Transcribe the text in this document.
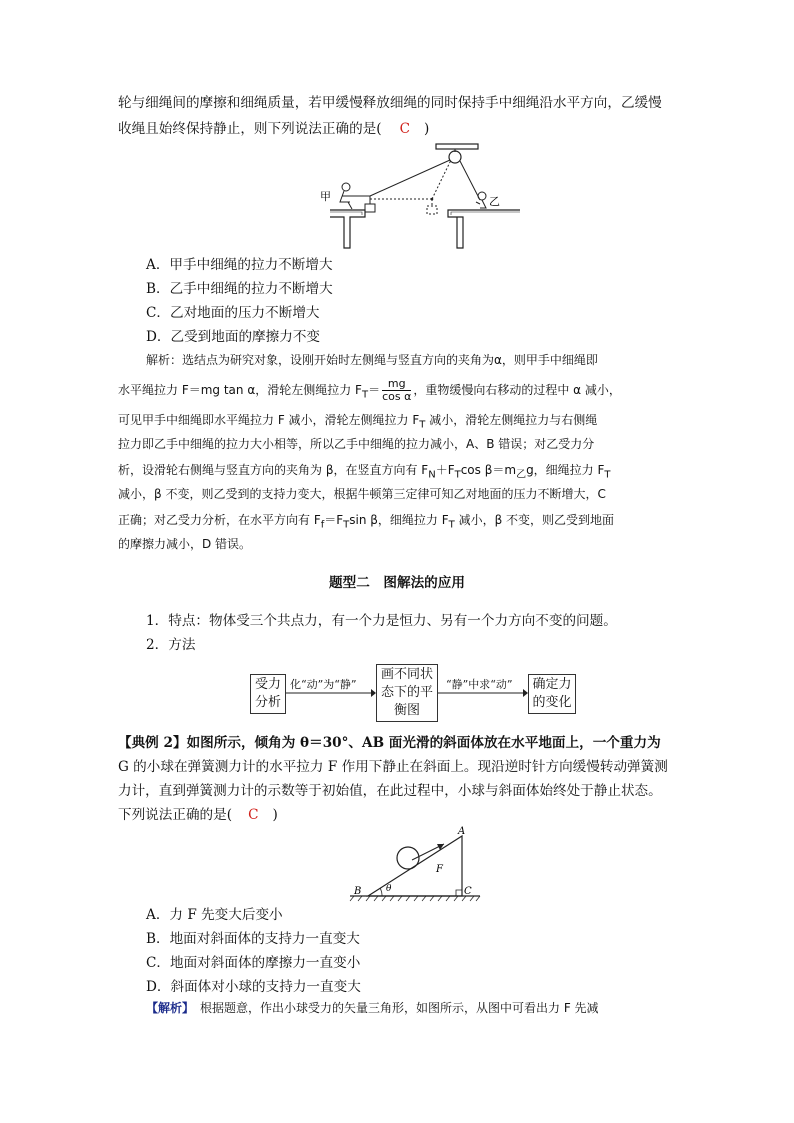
轮与细绳间的摩擦和细绳质量，若甲缓慢释放细绳的同时保持手中细绳沿水平方向，乙缓慢
收绳且始终保持静止，则下列说法正确的是( C )
甲	乙
A．甲手中细绳的拉力不断增大
B．乙手中细绳的拉力不断增大
C．乙对地面的压力不断增大
D．乙受到地面的摩擦力不变
解析：选结点为研究对象，设刚开始时左侧绳与竖直方向的夹角为α，则甲手中细绳即
水平绳拉力 F＝mg tan α，滑轮左侧绳拉力 $F_T= \frac{mg}{\text{cos α}}$ ，重物缓慢向右移动的过程中 α 减小，
可见甲手中细绳即水平绳拉力 F 减小，滑轮左侧绳拉力 $F_T$ 减小，滑轮左侧绳拉力与右侧绳
拉力即乙手中细绳的拉力大小相等，所以乙手中细绳的拉力减小，A、B 错误；对乙受力分
析，设滑轮右侧绳与竖直方向的夹角为 β，在竖直方向有 $F_N+F_T\cos$ $\beta=m_乙g$，细绳拉力 $F_T$
减小，β 不变，则乙受到的支持力变大，根据牛顿第三定律可知乙对地面的压力不断增大，C
正确；对乙受力分析，在水平方向有 $F_f=F_T\sin$ β，细绳拉力 $F_T$ 减小，β 不变，则乙受到地面
的摩擦力减小，D 错误。
题型二　图解法的应用
1．特点：物体受三个共点力，有一个力是恒力、另有一个力方向不变的问题。
2．方法
受力
分析
化“动”为“静”
画不同状
态下的平
衡图
“静”中求“动” 确定力
的变化
【典例 2】如图所示，倾角为 θ＝30°、AB 面光滑的斜面体放在水平地面上，一个重力为
G 的小球在弹簧测力计的水平拉力 F 作用下静止在斜面上。现沿逆时针方向缓慢转动弹簧测
力计，直到弹簧测力计的示数等于初始值，在此过程中，小球与斜面体始终处于静止状态。
下列说法正确的是( C )
F
A
B	C
θ
A．力 F 先变大后变小
B．地面对斜面体的支持力一直变大
C．地面对斜面体的摩擦力一直变小
D．斜面体对小球的支持力一直变大
【解析】　根据题意，作出小球受力的矢量三角形，如图所示，从图中可看出力 F 先减
